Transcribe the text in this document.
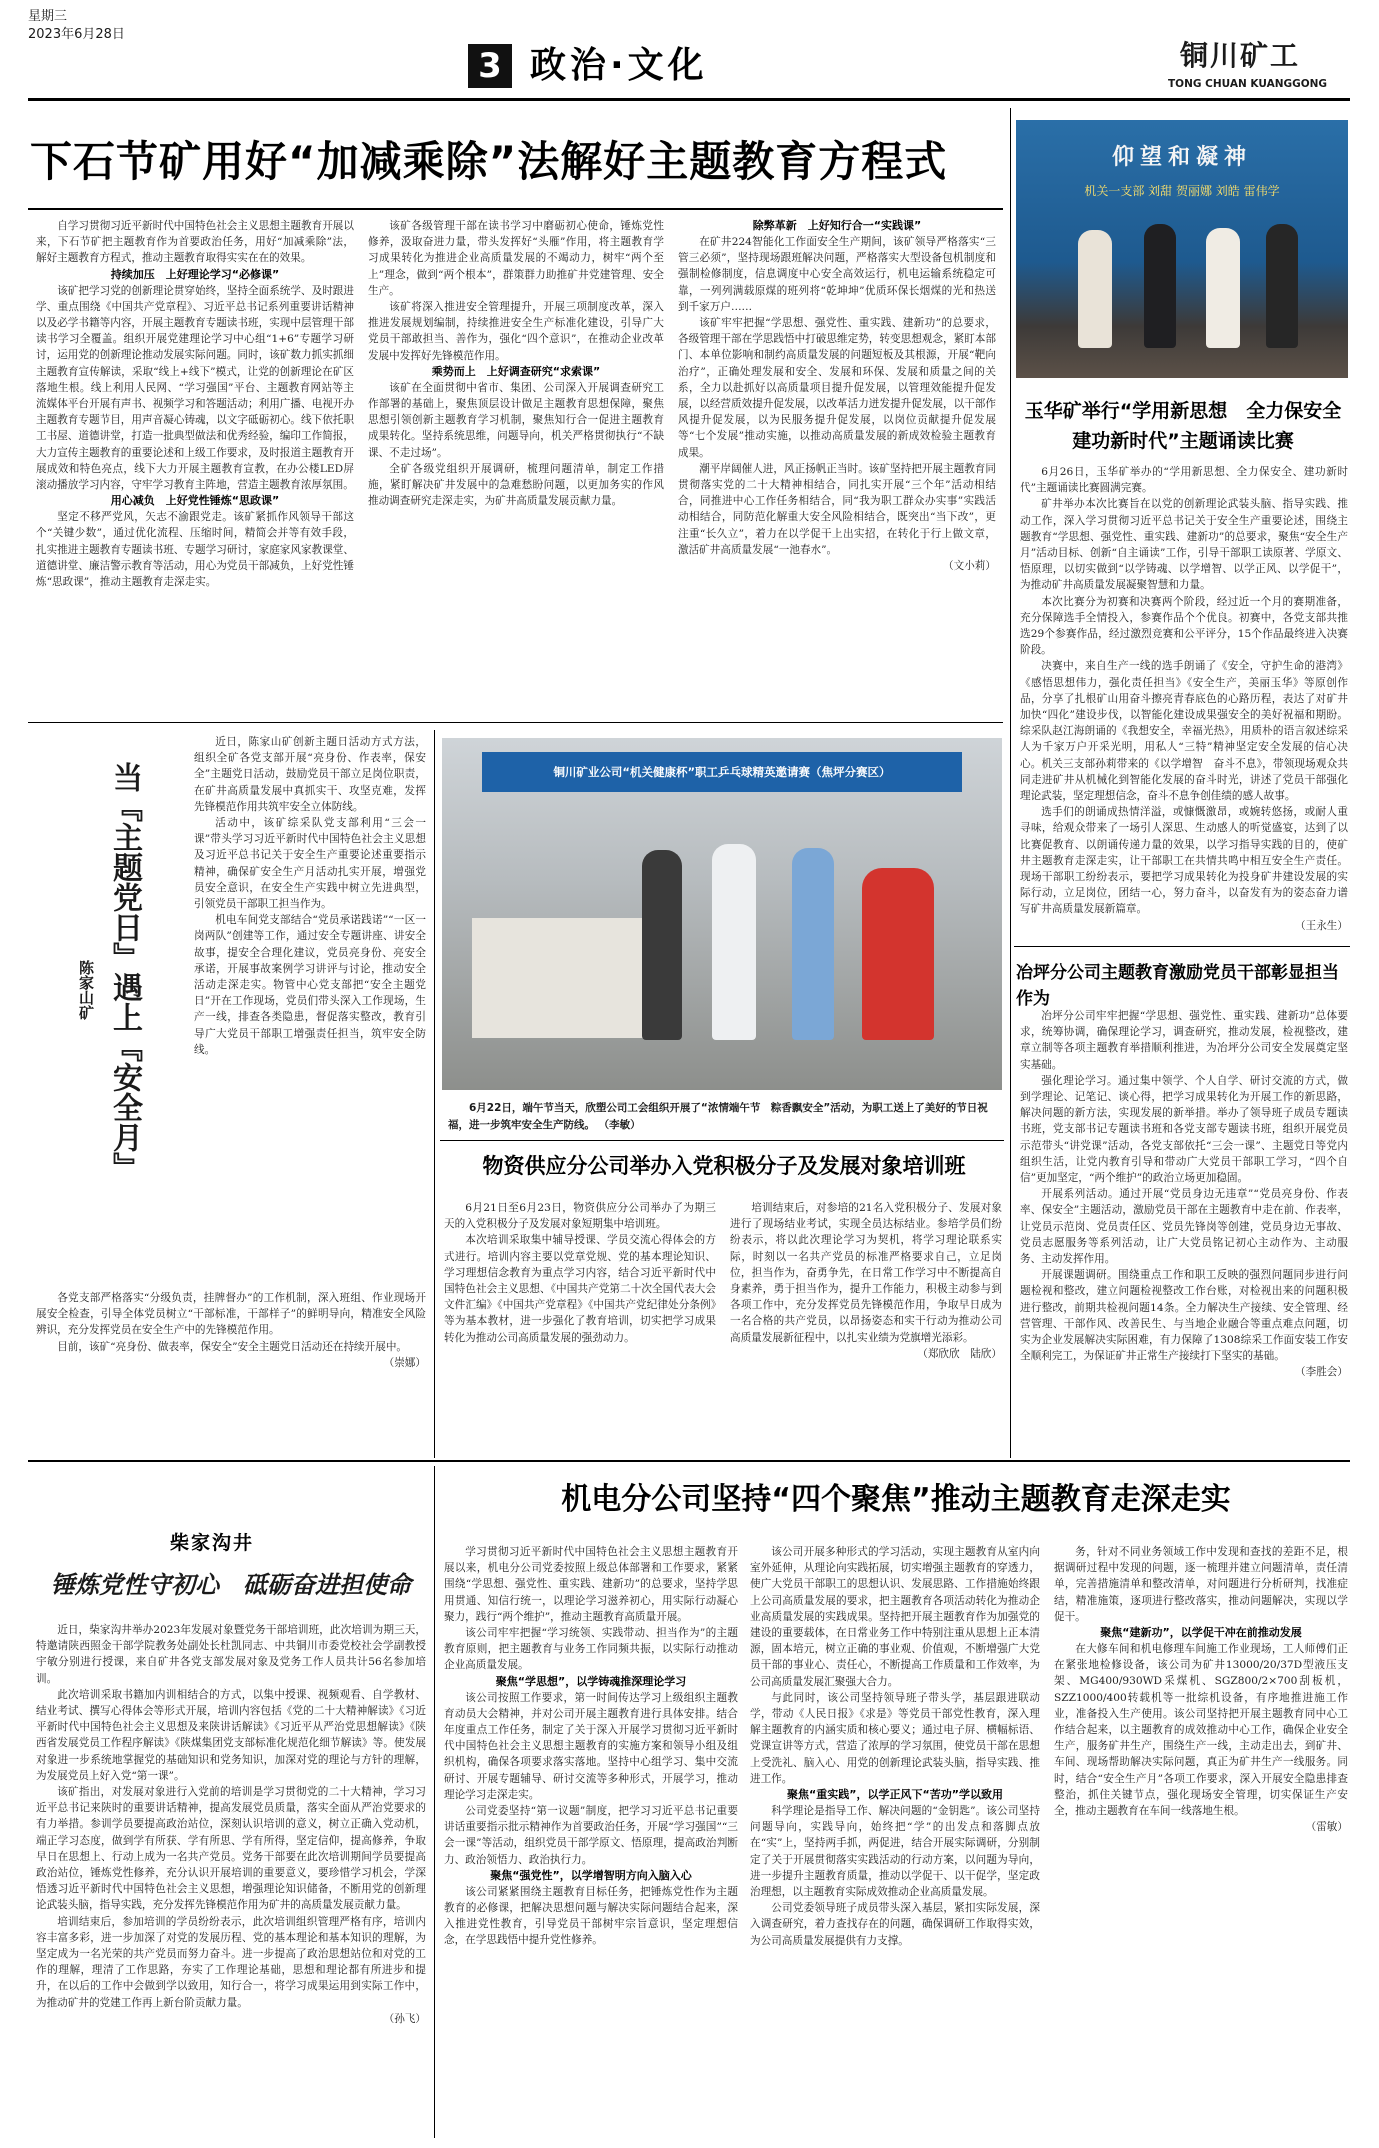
星期三
2023年6月28日
3 政治·文化	铜川矿工
TONG CHUAN KUANGGONG
下石节矿用好“加减乘除”法解好主题教育方程式

自学习贯彻习近平新时代中国特色社会主义思想主题教育开展以来，下石节矿把主题教育作为首要政治任务，用好“加减乘除”法，解好主题教育方程式，推动主题教育取得实实在在的效果。

持续加压　上好理论学习“必修课”

该矿把学习党的创新理论贯穿始终，坚持全面系统学、及时跟进学、重点围绕《中国共产党章程》、习近平总书记系列重要讲话精神以及必学书籍等内容，开展主题教育专题读书班，实现中层管理干部读书学习全覆盖。组织开展党建理论学习中心组“1+6”专题学习研讨，运用党的创新理论推动发展实际问题。同时，该矿数力抓实抓细主题教育宣传解读，采取“线上+线下”模式，让党的创新理论在矿区落地生根。线上利用人民网、“学习强国”平台、主题教育网站等主流媒体平台开展有声书、视频学习和答题活动；利用广播、电视开办主题教育专题节目，用声音凝心铸魂，以文字砥砺初心。线下依托职工书屋、道德讲堂，打造一批典型做法和优秀经验，编印工作简报，大力宣传主题教育的重要论述和上级工作要求，及时报道主题教育开展成效和特色亮点，线下大力开展主题教育宣教，在办公楼LED屏滚动播放学习内容，守牢学习教育主阵地，营造主题教育浓厚氛围。

用心减负　上好党性锤炼“思政课”

坚定不移严党风，矢志不渝跟党走。该矿紧抓作风领导干部这个“关键少数”，通过优化流程、压缩时间，精简会并等有效手段，扎实推进主题教育专题读书班、专题学习研讨，家庭家风家教课堂、道德讲堂、廉洁警示教育等活动，用心为党员干部减负，上好党性锤炼“思政课”，推动主题教育走深走实。

该矿各级管理干部在读书学习中磨砺初心使命，锤炼党性修养，汲取奋进力量，带头发挥好“头雁”作用，将主题教育学习成果转化为推进企业高质量发展的不竭动力，树牢“两个至上”理念，做到“两个根本”，群策群力助推矿井党建管理、安全生产。

该矿将深入推进安全管理提升，开展三项制度改革，深入推进发展规划编制，持续推进安全生产标准化建设，引导广大党员干部敢担当、善作为，强化“四个意识”，在推动企业改革发展中发挥好先锋模范作用。

乘势而上　上好调查研究“求索课”

该矿在全面贯彻中省市、集团、公司深入开展调查研究工作部署的基础上，聚焦顶层设计做足主题教育思想保障，聚焦思想引领创新主题教育学习机制，聚焦知行合一促进主题教育成果转化。坚持系统思维，问题导向，机关严格贯彻执行“不缺课、不走过场”。

全矿各级党组织开展调研，梳理问题清单，制定工作措施，紧盯解决矿井发展中的急难愁盼问题，以更加务实的作风推动调查研究走深走实，为矿井高质量发展贡献力量。

除弊革新　上好知行合一“实践课”

在矿井224智能化工作面安全生产期间，该矿领导严格落实“三管三必须”，坚持现场跟班解决问题，严格落实大型设备包机制度和强制检修制度，信息调度中心安全高效运行，机电运输系统稳定可靠，一列列满载原煤的班列将“乾坤坤”优质环保长烟煤的光和热送到千家万户……

该矿牢牢把握“学思想、强党性、重实践、建新功”的总要求，各级管理干部在学思践悟中打破思维定势，转变思想观念，紧盯本部门、本单位影响和制约高质量发展的问题短板及其根源，开展“靶向治疗”，正确处理发展和安全、发展和环保、发展和质量之间的关系，全力以赴抓好以高质量项目提升促发展，以管理效能提升促发展，以经营质效提升促发展，以改革活力迸发提升促发展，以干部作风提升促发展，以为民服务提升促发展，以岗位贡献提升促发展等“七个发展”推动实施，以推动高质量发展的新成效检验主题教育成果。

潮平岸阔催人进，风正扬帆正当时。该矿坚持把开展主题教育同贯彻落实党的二十大精神相结合，同扎实开展“三个年”活动相结合，同推进中心工作任务相结合，同“我为职工群众办实事”实践活动相结合，同防范化解重大安全风险相结合，既突出“当下改”，更注重“长久立”，着力在以学促干上出实招，在转化于行上做文章，激活矿井高质量发展“一池春水”。

（文小莉）

仰望和凝神
机关一支部 刘甜 贺丽娜 刘皓 雷伟学
玉华矿举行“学用新思想　全力保安全
建功新时代”主题诵读比赛

6月26日，玉华矿举办的“学用新思想、全力保安全、建功新时代”主题诵读比赛圆满完赛。

矿井举办本次比赛旨在以党的创新理论武装头脑、指导实践、推动工作，深入学习贯彻习近平总书记关于安全生产重要论述，围绕主题教育“学思想、强党性、重实践、建新功”的总要求，聚焦“安全生产月”活动目标、创新“自主诵读”工作，引导干部职工读原著、学原文、悟原理，以切实做到“以学铸魂、以学增智、以学正风、以学促干”，为推动矿井高质量发展凝聚智慧和力量。

本次比赛分为初赛和决赛两个阶段，经过近一个月的赛期准备，充分保障选手全情投入，参赛作品个个优良。初赛中，各党支部共推选29个参赛作品，经过激烈竞赛和公平评分，15个作品最终进入决赛阶段。

决赛中，来自生产一线的选手朗诵了《安全，守护生命的港湾》《感悟思想伟力，强化责任担当》《安全生产，美丽玉华》等原创作品，分享了扎根矿山用奋斗擦亮青春底色的心路历程，表达了对矿井加快“四化”建设步伐，以智能化建设成果强安全的美好祝福和期盼。综采队赵江海朗诵的《我想安全，幸福光热》，用质朴的语言叙述综采人为千家万户开采光明，用私人“三特”精神坚定安全发展的信心决心。机关三支部孙莉带来的《以学增智　奋斗不息》，带领现场观众共同走进矿井从机械化到智能化发展的奋斗时光，讲述了党员干部强化理论武装，坚定理想信念，奋斗不息争创佳绩的感人故事。

选手们的朗诵成热情洋溢，或慷慨激昂，或婉转悠扬，或耐人重寻味，给观众带来了一场引人深思、生动感人的听觉盛宴，达到了以比赛促教育、以朗诵传递力量的效果，以学习指导实践的目的，使矿井主题教育走深走实，让干部职工在共情共鸣中相互安全生产责任。现场干部职工纷纷表示，要把学习成果转化为投身矿井建设发展的实际行动，立足岗位，团结一心，努力奋斗，以奋发有为的姿态奋力谱写矿井高质量发展新篇章。

（王永生）

冶坪分公司主题教育激励党员干部彰显担当作为

冶坪分公司牢牢把握“学思想、强党性、重实践、建新功”总体要求，统筹协调，确保理论学习，调查研究，推动发展，检视整改，建章立制等各项主题教育举措顺利推进，为冶坪分公司安全发展奠定坚实基础。

强化理论学习。通过集中领学、个人自学、研讨交流的方式，做到学理论、记笔记、谈心得，把学习成果转化为开展工作的新思路，解决问题的新方法，实现发展的新举措。举办了领导班子成员专题读书班，党支部书记专题读书班和各党支部专题读书班，组织开展党员示范带头“讲党课”活动，各党支部依托“三会一课”、主题党日等党内组织生活，让党内教育引导和带动广大党员干部职工学习，“四个自信”更加坚定，“两个维护”的政治立场更加稳固。

开展系列活动。通过开展“党员身边无违章”“党员亮身份、作表率、保安全”主题活动，激励党员干部在主题教育中走在前、作表率，让党员示范岗、党员责任区、党员先锋岗等创建，党员身边无事故、党员志愿服务等系列活动，让广大党员铭记初心主动作为、主动服务、主动发挥作用。

开展课题调研。围绕重点工作和职工反映的强烈问题同步进行问题检视和整改，建立问题检视整改工作台账，对检视出来的问题积极进行整改，前期共检视问题14条。全力解决生产接续、安全管理、经营管理、干部作风、改善民生、与当地企业融合等重点难点问题，切实为企业发展解决实际困难，有力保障了1308综采工作面安装工作安全顺利完工，为保证矿井正常生产接续打下坚实的基础。

（李胜会）

当『主题党日』遇上『安全月』
陈家山矿

近日，陈家山矿创新主题日活动方式方法，组织全矿各党支部开展“亮身份、作表率，保安全”主题党日活动，鼓励党员干部立足岗位职责，在矿井高质量发展中真抓实干、攻坚克难，发挥先锋模范作用共筑牢安全立体防线。

活动中，该矿综采队党支部利用“三会一课”带头学习习近平新时代中国特色社会主义思想及习近平总书记关于安全生产重要论述重要指示精神，确保矿安全生产月活动扎实开展，增强党员安全意识，在安全生产实践中树立先进典型，引领党员干部职工担当作为。

机电车间党支部结合“党员承诺践诺”“一区一岗两队”创建等工作，通过安全专题讲座、讲安全故事，提安全合理化建议，党员亮身份、亮安全承诺，开展事故案例学习讲评与讨论，推动安全活动走深走实。物管中心党支部把“安全主题党日”开在工作现场，党员们带头深入工作现场，生产一线，排查各类隐患，督促落实整改，教育引导广大党员干部职工增强责任担当，筑牢安全防线。

各党支部严格落实“分级负责，挂牌督办”的工作机制，深入班组、作业现场开展安全检查，引导全体党员树立“干部标准，干部样子”的鲜明导向，精准安全风险辨识，充分发挥党员在安全生产中的先锋模范作用。

目前，该矿“亮身份、做表率，保安全”安全主题党日活动还在持续开展中。

（崇娜）

铜川矿业公司“机关健康杯”职工乒乓球精英邀请赛（焦坪分赛区）
6月22日，端午节当天，欣塑公司工会组织开展了“浓情端午节　粽香飘安全”活动，为职工送上了美好的节日祝福，进一步筑牢安全生产防线。 （李敏）
物资供应分公司举办入党积极分子及发展对象培训班

6月21日至6月23日，物资供应分公司举办了为期三天的入党积极分子及发展对象短期集中培训班。

本次培训采取集中辅导授课、学员交流心得体会的方式进行。培训内容主要以党章党规、党的基本理论知识、学习理想信念教育为重点学习内容，结合习近平新时代中国特色社会主义思想、《中国共产党第二十次全国代表大会文件汇编》《中国共产党章程》《中国共产党纪律处分条例》等为基本教材，进一步强化了教育培训，切实把学习成果转化为推动公司高质量发展的强劲动力。

培训结束后，对参培的21名入党积极分子、发展对象进行了现场结业考试，实现全员达标结业。参培学员们纷纷表示，将以此次理论学习为契机，将学习理论联系实际，时刻以一名共产党员的标准严格要求自己，立足岗位，担当作为，奋勇争先，在日常工作学习中不断提高自身素养，勇于担当作为，提升工作能力，积极主动参与到各项工作中，充分发挥党员先锋模范作用，争取早日成为一名合格的共产党员，以昂扬姿态和实干行动为推动公司高质量发展新征程中，以扎实业绩为党旗增光添彩。

（郑欣欣　陆欣）

柴家沟井
锤炼党性守初心　砥砺奋进担使命

近日，柴家沟井举办2023年发展对象暨党务干部培训班，此次培训为期三天，特邀请陕西照金干部学院教务处副处长杜凯同志、中共铜川市委党校社会学副教授宇敏分别进行授课，来自矿井各党支部发展对象及党务工作人员共计56名参加培训。

此次培训采取书籍加内训相结合的方式，以集中授课、视频观看、自学教材、结业考试、撰写心得体会等形式开展，培训内容包括《党的二十大精神解读》《习近平新时代中国特色社会主义思想及来陕讲话解读》《习近平从严治党思想解读》《陕西省发展党员工作程序解读》《陕煤集团党支部标准化规范化细节解读》等。使发展对象进一步系统地掌握党的基础知识和党务知识，加深对党的理论与方针的理解，为发展党员上好入党“第一课”。

该矿指出，对发展对象进行入党前的培训是学习贯彻党的二十大精神，学习习近平总书记来陕时的重要讲话精神，提高发展党员质量，落实全面从严治党要求的有力举措。参训学员要提高政治站位，深刻认识培训的意义，树立正确入党动机，端正学习态度，做到学有所获、学有所思、学有所得，坚定信仰，提高修养，争取早日在思想上、行动上成为一名共产党员。党务干部要在此次培训期间学员要提高政治站位，锤炼党性修养，充分认识开展培训的重要意义，要珍惜学习机会，学深悟透习近平新时代中国特色社会主义思想，增强理论知识储备，不断用党的创新理论武装头脑，指导实践，充分发挥先锋模范作用为矿井的高质量发展贡献力量。

培训结束后，参加培训的学员纷纷表示，此次培训组织管理严格有序，培训内容丰富多彩，进一步加深了对党的发展历程、党的基本理论和基本知识的理解，为坚定成为一名光荣的共产党员而努力奋斗。进一步提高了政治思想站位和对党的工作的理解，理清了工作思路，夯实了工作理论基础，思想和理论都有所进步和提升，在以后的工作中会做到学以致用，知行合一，将学习成果运用到实际工作中，为推动矿井的党建工作再上新台阶贡献力量。

（孙飞）

机电分公司坚持“四个聚焦”推动主题教育走深走实

学习贯彻习近平新时代中国特色社会主义思想主题教育开展以来，机电分公司党委按照上级总体部署和工作要求，紧紧围绕“学思想、强党性、重实践、建新功”的总要求，坚持学思用贯通、知信行统一，以理论学习滋养初心，用实际行动凝心聚力，践行“两个维护”，推动主题教育高质量开展。

该公司牢牢把握“学习统领、实践带动、担当作为”的主题教育原则，把主题教育与业务工作同频共振，以实际行动推动企业高质量发展。

聚焦“学思想”，以学铸魂推深理论学习

该公司按照工作要求，第一时间传达学习上级组织主题教育动员大会精神，并对公司开展主题教育进行具体安排。结合年度重点工作任务，制定了关于深入开展学习贯彻习近平新时代中国特色社会主义思想主题教育的实施方案和领导小组及组织机构，确保各项要求落实落地。坚持中心组学习、集中交流研讨、开展专题辅导、研讨交流等多种形式，开展学习，推动理论学习走深走实。

公司党委坚持“第一议题”制度，把学习习近平总书记重要讲话重要指示批示精神作为首要政治任务，开展“学习强国”“三会一课”等活动，组织党员干部学原文、悟原理，提高政治判断力、政治领悟力、政治执行力。

聚焦“强党性”，以学增智明方向入脑入心

该公司紧紧围绕主题教育目标任务，把锤炼党性作为主题教育的必修课，把解决思想问题与解决实际问题结合起来，深入推进党性教育，引导党员干部树牢宗旨意识，坚定理想信念，在学思践悟中提升党性修养。

该公司开展多种形式的学习活动，实现主题教育从室内向室外延伸，从理论向实践拓展，切实增强主题教育的穿透力，使广大党员干部职工的思想认识、发展思路、工作措施始终跟上公司高质量发展的要求，把主题教育各项活动转化为推动企业高质量发展的实践成果。坚持把开展主题教育作为加强党的建设的重要载体，在日常业务工作中特别注重从思想上正本清源，固本培元，树立正确的事业观、价值观，不断增强广大党员干部的事业心、责任心，不断提高工作质量和工作效率，为公司高质量发展汇聚强大合力。

与此同时，该公司坚持领导班子带头学，基层跟进联动学，带动《人民日报》《求是》等党员干部党性教育，深入理解主题教育的内涵实质和核心要义；通过电子屏、横幅标语、党课宣讲等方式，营造了浓厚的学习氛围，使党员干部在思想上受洗礼、脑入心、用党的创新理论武装头脑，指导实践、推进工作。

聚焦“重实践”，以学正风下“苦功”学以致用

科学理论是指导工作、解决问题的“金钥匙”。该公司坚持问题导向，实践导向，始终把“学”的出发点和落脚点放在“实”上，坚持两手抓，两促进，结合开展实际调研，分别制定了关于开展贯彻落实实践活动的行动方案，以问题为导向，进一步提升主题教育质量，推动以学促干、以干促学，坚定政治理想，以主题教育实际成效推动企业高质量发展。

公司党委领导班子成员带头深入基层，紧扣实际发展，深入调查研究，着力查找存在的问题，确保调研工作取得实效，为公司高质量发展提供有力支撑。

务，针对不同业务领域工作中发现和查找的差距不足，根据调研过程中发现的问题，逐一梳理并建立问题清单，责任清单，完善措施清单和整改清单，对问题进行分析研判，找准症结，精准施策，逐项进行整改落实，推动问题解决，实现以学促干。

聚焦“建新功”，以学促干冲在前推动发展

在大修车间和机电修理车间施工作业现场，工人师傅们正在紧张地检修设备，该公司为矿井13000/20/37D型液压支架、MG400/930WD采煤机、SGZ800/2×700刮板机，SZZ1000/400转载机等一批综机设备，有序地推进施工作业，准备投入生产使用。该公司坚持把开展主题教育同中心工作结合起来，以主题教育的成效推动中心工作，确保企业安全生产，服务矿井生产，围绕生产一线，主动走出去，到矿井、车间、现场帮助解决实际问题，真正为矿井生产一线服务。同时，结合“安全生产月”各项工作要求，深入开展安全隐患排查整治，抓住关键节点，强化现场安全管理，切实保证生产安全，推动主题教育在车间一线落地生根。

（雷敏）
